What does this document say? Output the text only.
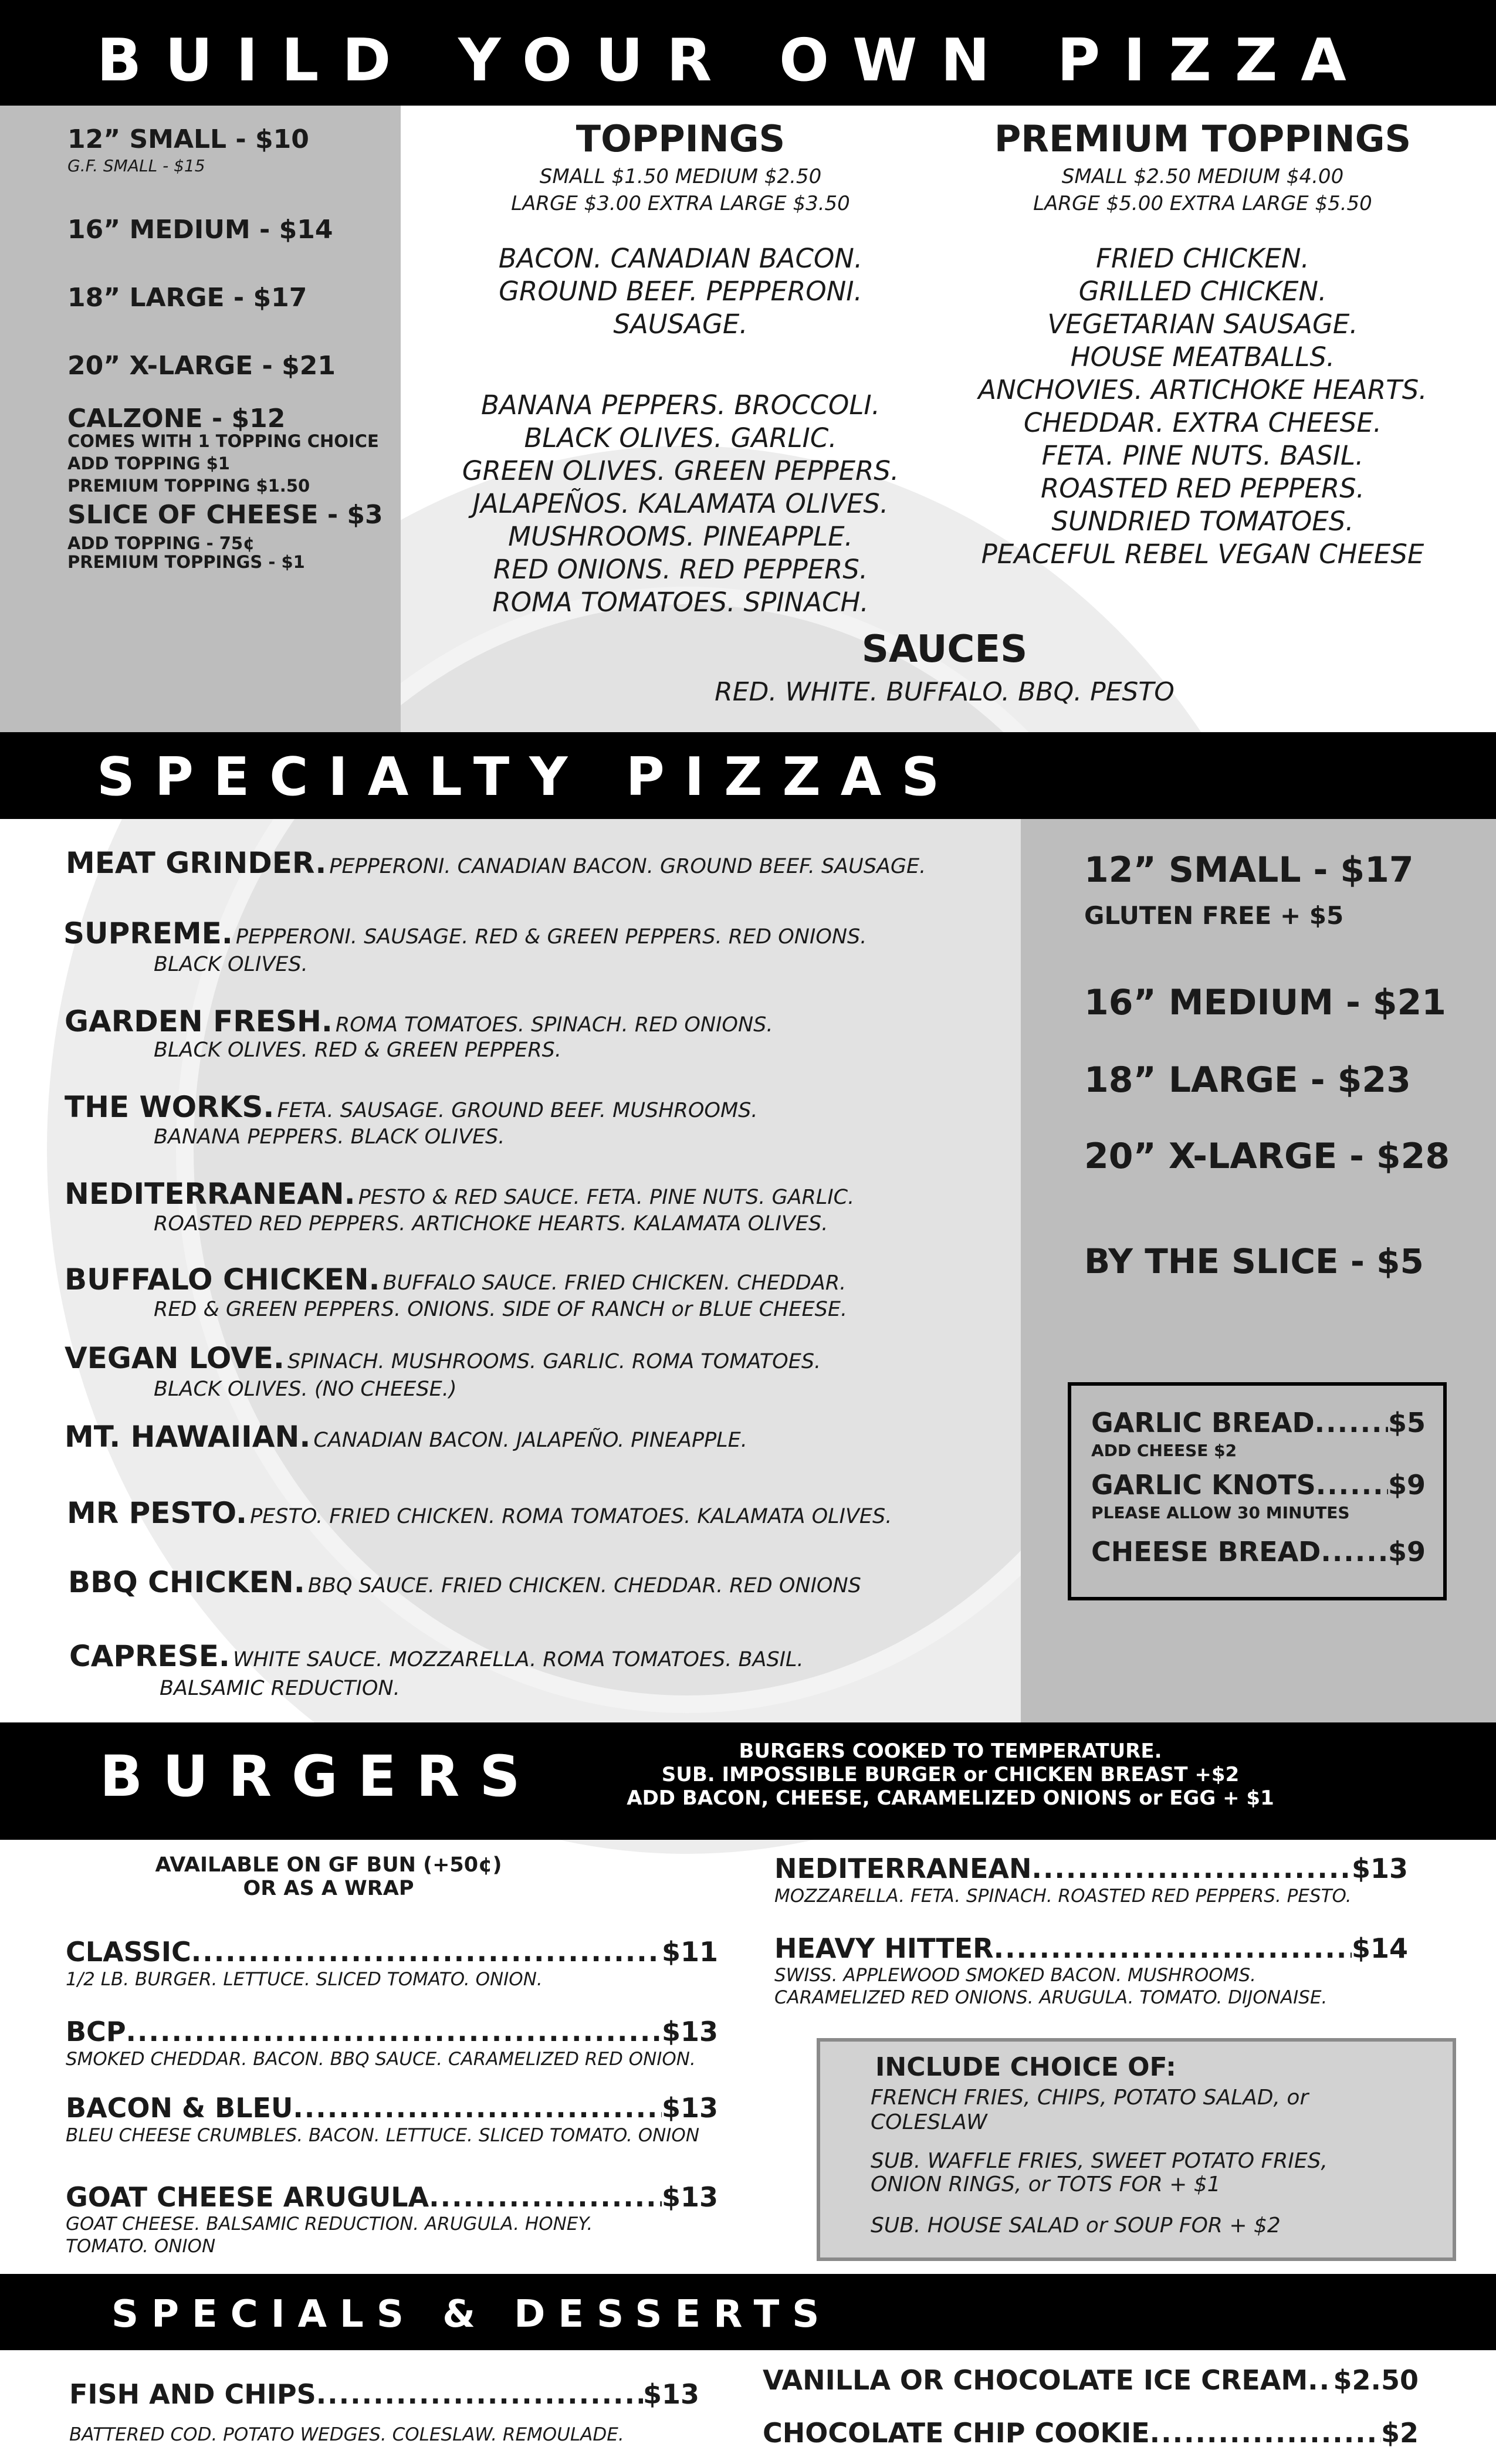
BUILD YOUR OWN PIZZA
12” SMALL - $10
G.F. SMALL - $15
16” MEDIUM - $14
18” LARGE - $17
20” X-LARGE - $21
CALZONE - $12
COMES WITH 1 TOPPING CHOICE
ADD TOPPING $1
PREMIUM TOPPING $1.50
SLICE OF CHEESE - $3
ADD TOPPING - 75¢
PREMIUM TOPPINGS - $1
TOPPINGS
SMALL $1.50 MEDIUM $2.50
LARGE $3.00 EXTRA LARGE $3.50
BACON. CANADIAN BACON.
GROUND BEEF. PEPPERONI.
SAUSAGE.
BANANA PEPPERS. BROCCOLI.
BLACK OLIVES. GARLIC.
GREEN OLIVES. GREEN PEPPERS.
JALAPEÑOS. KALAMATA OLIVES.
MUSHROOMS. PINEAPPLE.
RED ONIONS. RED PEPPERS.
ROMA TOMATOES. SPINACH.
PREMIUM TOPPINGS
SMALL $2.50 MEDIUM $4.00
LARGE $5.00 EXTRA LARGE $5.50
FRIED CHICKEN.
GRILLED CHICKEN.
VEGETARIAN SAUSAGE.
HOUSE MEATBALLS.
ANCHOVIES. ARTICHOKE HEARTS.
CHEDDAR. EXTRA CHEESE.
FETA. PINE NUTS. BASIL.
ROASTED RED PEPPERS.
SUNDRIED TOMATOES.
PEACEFUL REBEL VEGAN CHEESE
SAUCES
RED. WHITE. BUFFALO. BBQ. PESTO
SPECIALTY PIZZAS
12” SMALL - $17
GLUTEN FREE + $5
16” MEDIUM - $21
18” LARGE - $23
20” X-LARGE - $28
BY THE SLICE - $5
GARLIC BREAD .....	$5
ADD CHEESE $2
GARLIC KNOTS .....	$9
PLEASE ALLOW 30 MINUTES
CHEESE BREAD ..... $9
MEAT GRINDER. PEPPERONI. CANADIAN BACON. GROUND BEEF. SAUSAGE.
SUPREME. PEPPERONI. SAUSAGE. RED & GREEN PEPPERS. RED ONIONS.
BLACK OLIVES.
GARDEN FRESH. ROMA TOMATOES. SPINACH. RED ONIONS.
BLACK OLIVES. RED & GREEN PEPPERS.
THE WORKS. FETA. SAUSAGE. GROUND BEEF. MUSHROOMS.
BANANA PEPPERS. BLACK OLIVES.
NEDITERRANEAN. PESTO & RED SAUCE. FETA. PINE NUTS. GARLIC.
ROASTED RED PEPPERS. ARTICHOKE HEARTS. KALAMATA OLIVES.
BUFFALO CHICKEN. BUFFALO SAUCE. FRIED CHICKEN. CHEDDAR.
RED & GREEN PEPPERS. ONIONS. SIDE OF RANCH or BLUE CHEESE.
VEGAN LOVE. SPINACH. MUSHROOMS. GARLIC. ROMA TOMATOES.
BLACK OLIVES. (NO CHEESE.)
MT. HAWAIIAN. CANADIAN BACON. JALAPEÑO. PINEAPPLE.
MR PESTO. PESTO. FRIED CHICKEN. ROMA TOMATOES. KALAMATA OLIVES.
BBQ CHICKEN. BBQ SAUCE. FRIED CHICKEN. CHEDDAR. RED ONIONS
CAPRESE. WHITE SAUCE. MOZZARELLA. ROMA TOMATOES. BASIL.
BALSAMIC REDUCTION.
BURGERS	BURGERS COOKED TO TEMPERATURE.
SUB. IMPOSSIBLE BURGER or CHICKEN BREAST +$2
ADD BACON, CHEESE, CARAMELIZED ONIONS or EGG + $1
AVAILABLE ON GF BUN (+50¢)
OR AS A WRAP
CLASSIC .....	$11
1/2 LB. BURGER. LETTUCE. SLICED TOMATO. ONION.
BCP .....	$13
SMOKED CHEDDAR. BACON. BBQ SAUCE. CARAMELIZED RED ONION.
BACON & BLEU .....	$13
BLEU CHEESE CRUMBLES. BACON. LETTUCE. SLICED TOMATO. ONION
GOAT CHEESE ARUGULA .....	$13
GOAT CHEESE. BALSAMIC REDUCTION. ARUGULA. HONEY.
TOMATO. ONION
NEDITERRANEAN .....	$13
MOZZARELLA. FETA. SPINACH. ROASTED RED PEPPERS. PESTO.
HEAVY HITTER .....	$14
SWISS. APPLEWOOD SMOKED BACON. MUSHROOMS.
CARAMELIZED RED ONIONS. ARUGULA. TOMATO. DIJONAISE.
INCLUDE CHOICE OF:
FRENCH FRIES, CHIPS, POTATO SALAD, or
COLESLAW
SUB. WAFFLE FRIES, SWEET POTATO FRIES,
ONION RINGS, or TOTS FOR + $1
SUB. HOUSE SALAD or SOUP FOR + $2
SPECIALS & DESSERTS
FISH AND CHIPS .....	$13
BATTERED COD. POTATO WEDGES. COLESLAW. REMOULADE.
VANILLA OR CHOCOLATE ICE CREAM ..... $2.50
CHOCOLATE CHIP COOKIE .....	$2
